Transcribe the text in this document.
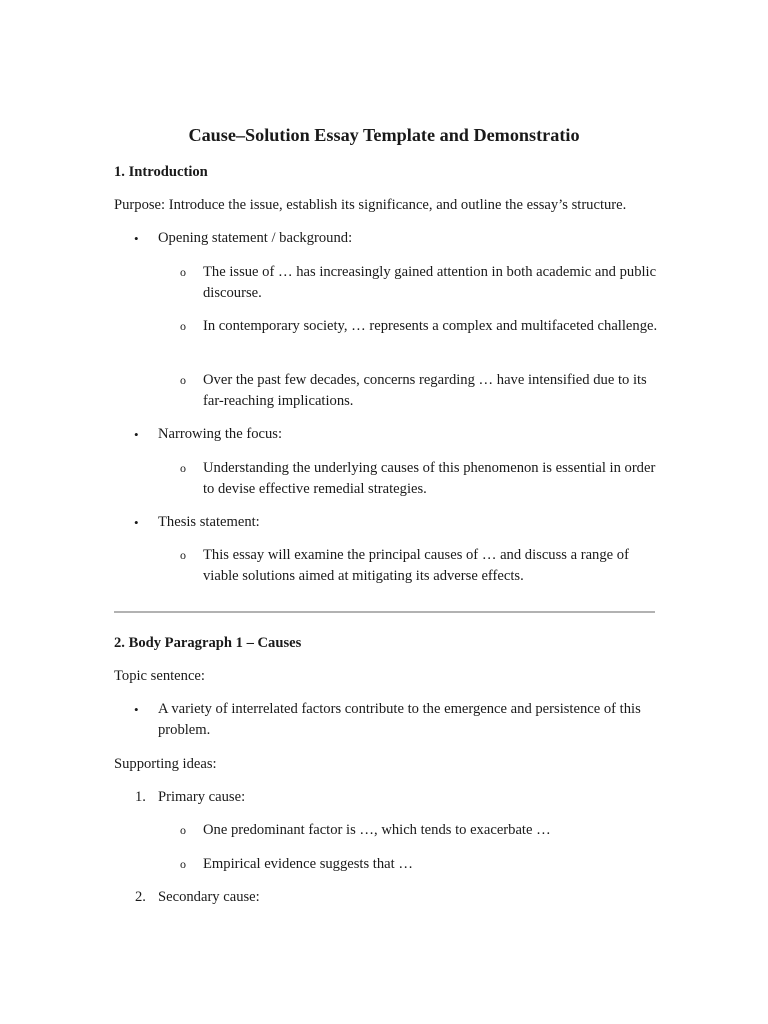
Cause–Solution Essay Template and Demonstratio

1. Introduction

Purpose: Introduce the issue, establish its significance, and outline the essay’s structure.

• Opening statement / background:

o The issue of … has increasingly gained attention in both academic and public discourse.

o In contemporary society, … represents a complex and multifaceted challenge.

o Over the past few decades, concerns regarding … have intensified due to its far-reaching implications.

• Narrowing the focus:

o Understanding the underlying causes of this phenomenon is essential in order to devise effective remedial strategies.

• Thesis statement:

o This essay will examine the principal causes of … and discuss a range of viable solutions aimed at mitigating its adverse effects.

2. Body Paragraph 1 – Causes

Topic sentence:

• A variety of interrelated factors contribute to the emergence and persistence of this problem.

Supporting ideas:

1. Primary cause:

o One predominant factor is …, which tends to exacerbate …

o Empirical evidence suggests that …

2. Secondary cause:
